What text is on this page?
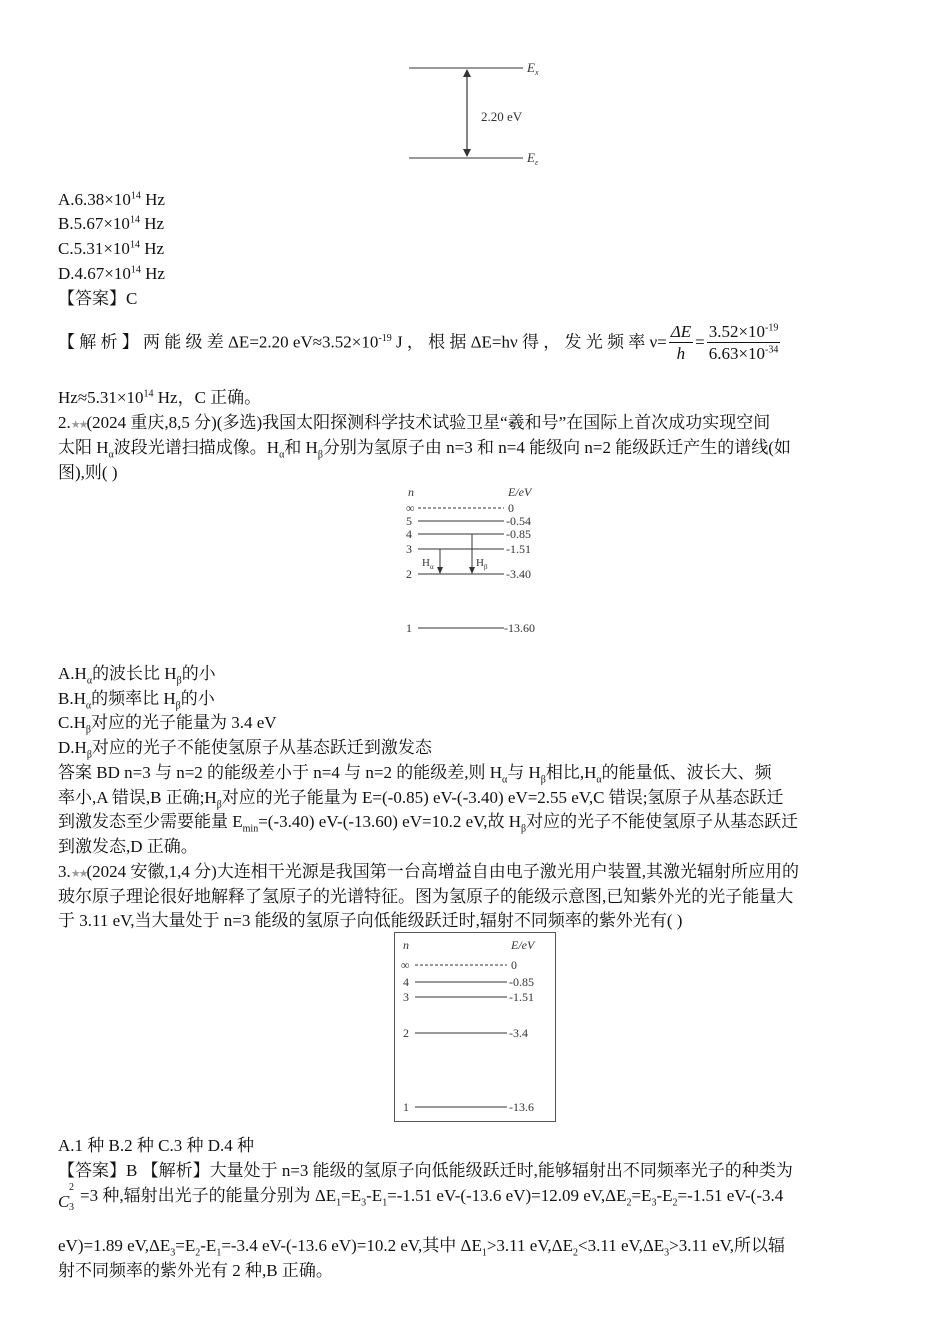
2.20 eV
$E_x$
$E_\varepsilon$
$A.6.38\times 10^{14}$ Hz
$B.5.67\times 10^{14}$ Hz
$C.5.31\times 10^{14}$ Hz
$D.4.67\times 10^{14}$ Hz
【答案】C
【 解 析 】 两 能 级 差 ΔE=2.20 $eV\approx 3.52\times 10^{-19}$ J ， 根 据 ΔE=hν 得 ， 发 光 频 率 $\nu= \frac{\Delta E}{h} = \frac{3.52\times 10^{-19}}{6.63\times 10^{-34}}$
$Hz\approx 5.31\times 10^{14}$ Hz，C 正确。
2.★★(2024 重庆,8,5 分)(多选)我国太阳探测科学技术试验卫星“羲和号”在国际上首次成功实现空间
太阳 $H_\alpha$波段光谱扫描成像。$H_\alpha$和 $H_\beta$分别为氢原子由 n=3 和 n=4 能级向 n=2 能级跃迁产生的谱线(如
图),则( )
n	E/eV
∞	0
5	-0.54
4	-0.85
3	-1.51
2	-3.40
$H_\alpha$	$H_\beta$
1	-13.60
$A.H_\alpha$的波长比 $H_\beta$的小
$B.H_\alpha$的频率比 $H_\beta$的小
$C.H_\beta$对应的光子能量为 3.4 eV
$D.H_\beta$对应的光子不能使氢原子从基态跃迁到激发态
答案 BD n=3 与 n=2 的能级差小于 n=4 与 n=2 的能级差,则 $H_\alpha$与 $H_\beta$相比$,H_\alpha$的能量低、波长大、频
率小,A 错误,B 正确$;H_\beta$对应的光子能量为 E=(-0.85) eV-(-3.40) eV=2.55 eV,C 错误;氢原子从基态跃迁
到激发态至少需要能量 $E_{min}=(-3.40)$ eV-(-13.60) eV=10.2 eV,故 $H_\beta$对应的光子不能使氢原子从基态跃迁
到激发态,D 正确。
3.★★(2024 安徽,1,4 分)大连相干光源是我国第一台高增益自由电子激光用户装置,其激光辐射所应用的
玻尔原子理论很好地解释了氢原子的光谱特征。图为氢原子的能级示意图,已知紫外光的光子能量大
于 3.11 eV,当大量处于 n=3 能级的氢原子向低能级跃迁时,辐射不同频率的紫外光有( )
n	E/eV
∞	0
4	-0.85
3	-1.51
2	-3.4
1	-13.6
A.1 种 B.2 种 C.3 种 D.4 种
【答案】B 【解析】大量处于 n=3 能级的氢原子向低能级跃迁时,能够辐射出不同频率光子的种类为
C
2
3
=3 种,辐射出光子的能量分别为 $\Delta E_1=E_3-E_1=-1.51$ eV-(-13.6 eV)=12.09 $eV,\Delta E_2=E_3-E_2=-1.51$ eV-(-3.4
eV)=1.89 $eV,\Delta E_3=E_2-E_1=-3.4$ eV-(-13.6 eV)=10.2 eV,其中 $\Delta E_1>3.11$ $eV,\Delta E_2<3.11$ $eV,\Delta E_3>3.11$ eV,所以辐
射不同频率的紫外光有 2 种,B 正确。
